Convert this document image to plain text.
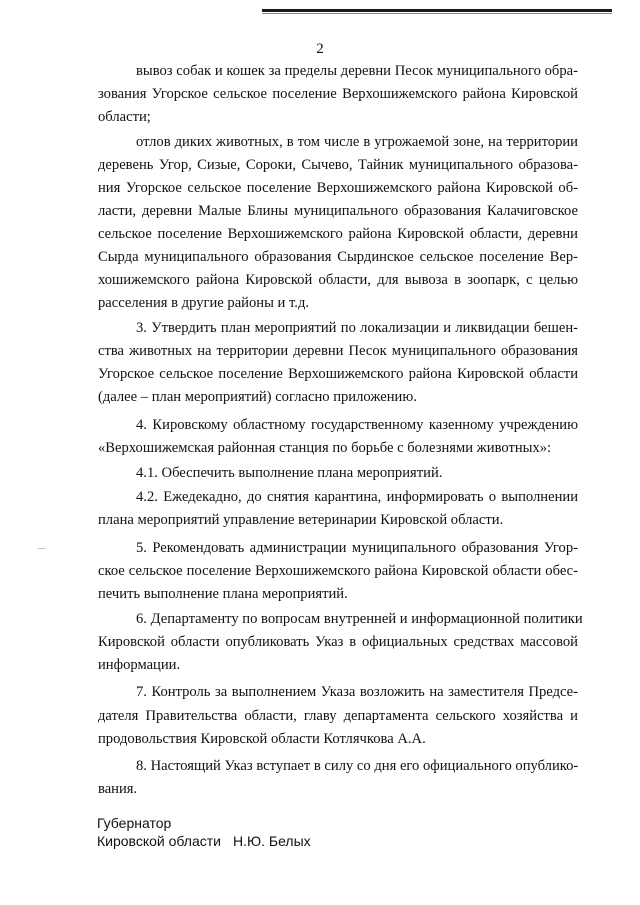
2
вывоз собак и кошек за пределы деревни Песок муниципального обра-
зования Угорское сельское поселение Верхошижемского района Кировской
области;
отлов диких животных, в том числе в угрожаемой зоне, на территории
деревень Угор, Сизые, Сороки, Сычево, Тайник муниципального образова-
ния Угорское сельское поселение Верхошижемского района Кировской об-
ласти, деревни Малые Блины муниципального образования Калачиговское
сельское поселение Верхошижемского района Кировской области, деревни
Сырда муниципального образования Сырдинское сельское поселение Вер-
хошижемского района Кировской области, для вывоза в зоопарк, с целью
расселения в другие районы и т.д.
3. Утвердить план мероприятий по локализации и ликвидации бешен-
ства животных на территории деревни Песок муниципального образования
Угорское сельское поселение Верхошижемского района Кировской области
(далее – план мероприятий) согласно приложению.
4. Кировскому областному государственному казенному учреждению
«Верхошижемская районная станция по борьбе с болезнями животных»:
4.1. Обеспечить выполнение плана мероприятий.
4.2. Ежедекадно, до снятия карантина, информировать о выполнении
плана мероприятий управление ветеринарии Кировской области.
5. Рекомендовать администрации муниципального образования Угор-
ское сельское поселение Верхошижемского района Кировской области обес-
печить выполнение плана мероприятий.
6. Департаменту по вопросам внутренней и информационной политики
Кировской области опубликовать Указ в официальных средствах массовой
информации.
7. Контроль за выполнением Указа возложить на заместителя Предсе-
дателя Правительства области, главу департамента сельского хозяйства и
продовольствия Кировской области Котлячкова А.А.
8. Настоящий Указ вступает в силу со дня его официального опублико-
вания.
Губернатор
Кировской области Н.Ю. Белых
